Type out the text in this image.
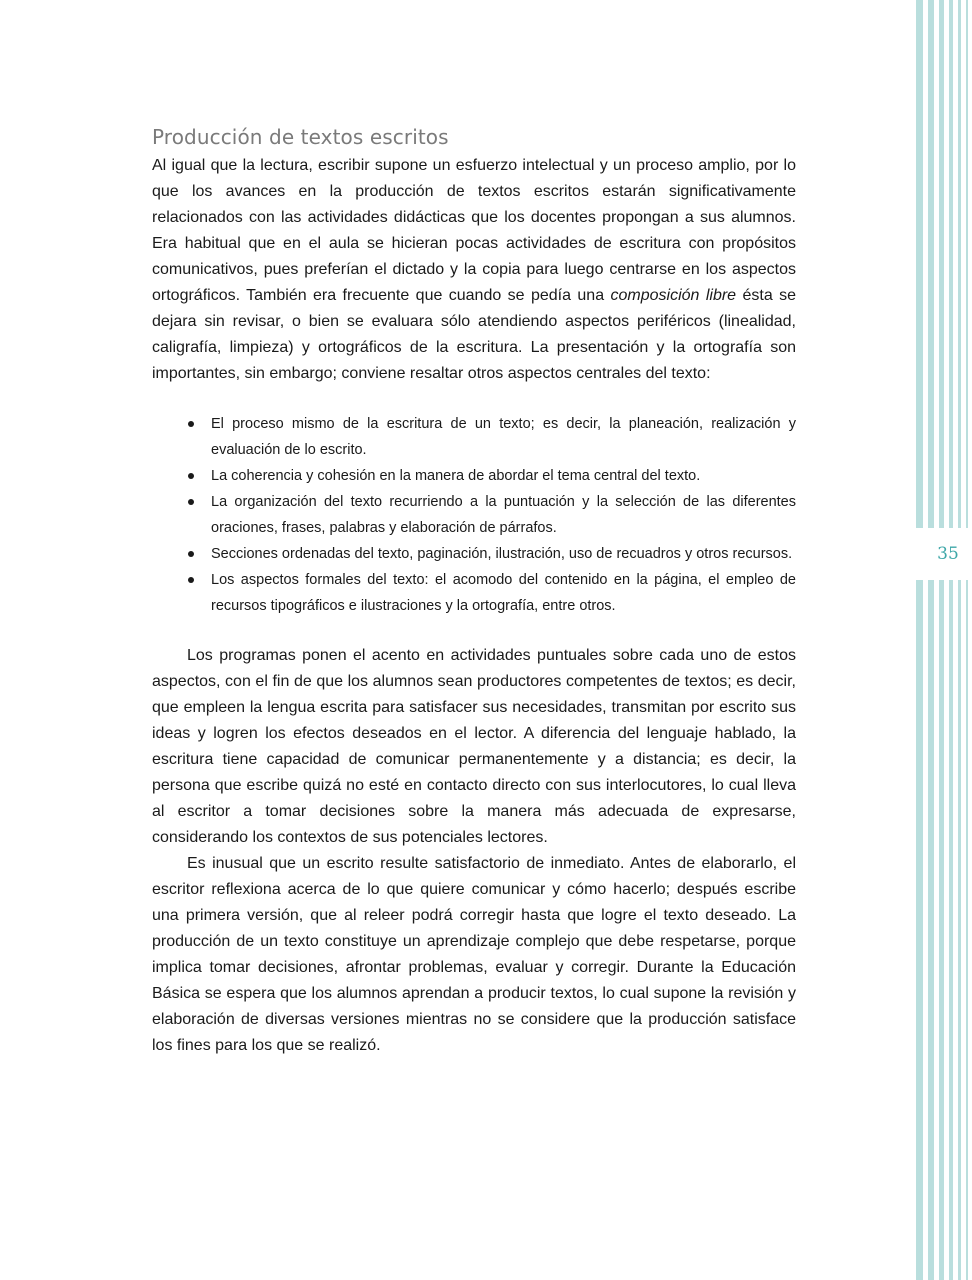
35
Producción de textos escritos

Al igual que la lectura, escribir supone un esfuerzo intelectual y un proceso amplio, por lo que los avances en la producción de textos escritos estarán significativamente relacionados con las actividades didácticas que los docentes propongan a sus alumnos. Era habitual que en el aula se hicieran pocas actividades de escritura con propósitos comunicativos, pues preferían el dictado y la copia para luego centrarse en los aspectos ortográficos. También era frecuente que cuando se pedía una composición libre ésta se dejara sin revisar, o bien se evaluara sólo atendiendo aspectos periféricos (linealidad, caligrafía, limpieza) y ortográficos de la escritura. La presentación y la ortografía son importantes, sin embargo; conviene resaltar otros aspectos centrales del texto:

El proceso mismo de la escritura de un texto; es decir, la planeación, realización y evaluación de lo escrito.
La coherencia y cohesión en la manera de abordar el tema central del texto.
La organización del texto recurriendo a la puntuación y la selección de las diferentes oraciones, frases, palabras y elaboración de párrafos.
Secciones ordenadas del texto, paginación, ilustración, uso de recuadros y otros recursos.
Los aspectos formales del texto: el acomodo del contenido en la página, el empleo de recursos tipográficos e ilustraciones y la ortografía, entre otros.

Los programas ponen el acento en actividades puntuales sobre cada uno de estos aspectos, con el fin de que los alumnos sean productores competentes de textos; es decir, que empleen la lengua escrita para satisfacer sus necesidades, transmitan por escrito sus ideas y logren los efectos deseados en el lector. A diferencia del lenguaje hablado, la escritura tiene capacidad de comunicar permanentemente y a distancia; es decir, la persona que escribe quizá no esté en contacto directo con sus interlocutores, lo cual lleva al escritor a tomar decisiones sobre la manera más adecuada de expresarse, considerando los contextos de sus potenciales lectores.

Es inusual que un escrito resulte satisfactorio de inmediato. Antes de elaborarlo, el escritor reflexiona acerca de lo que quiere comunicar y cómo hacerlo; después escribe una primera versión, que al releer podrá corregir hasta que logre el texto deseado. La producción de un texto constituye un aprendizaje complejo que debe respetarse, porque implica tomar decisiones, afrontar problemas, evaluar y corregir. Durante la Educación Básica se espera que los alumnos aprendan a producir textos, lo cual supone la revisión y elaboración de diversas versiones mientras no se considere que la producción satisface los fines para los que se realizó.
